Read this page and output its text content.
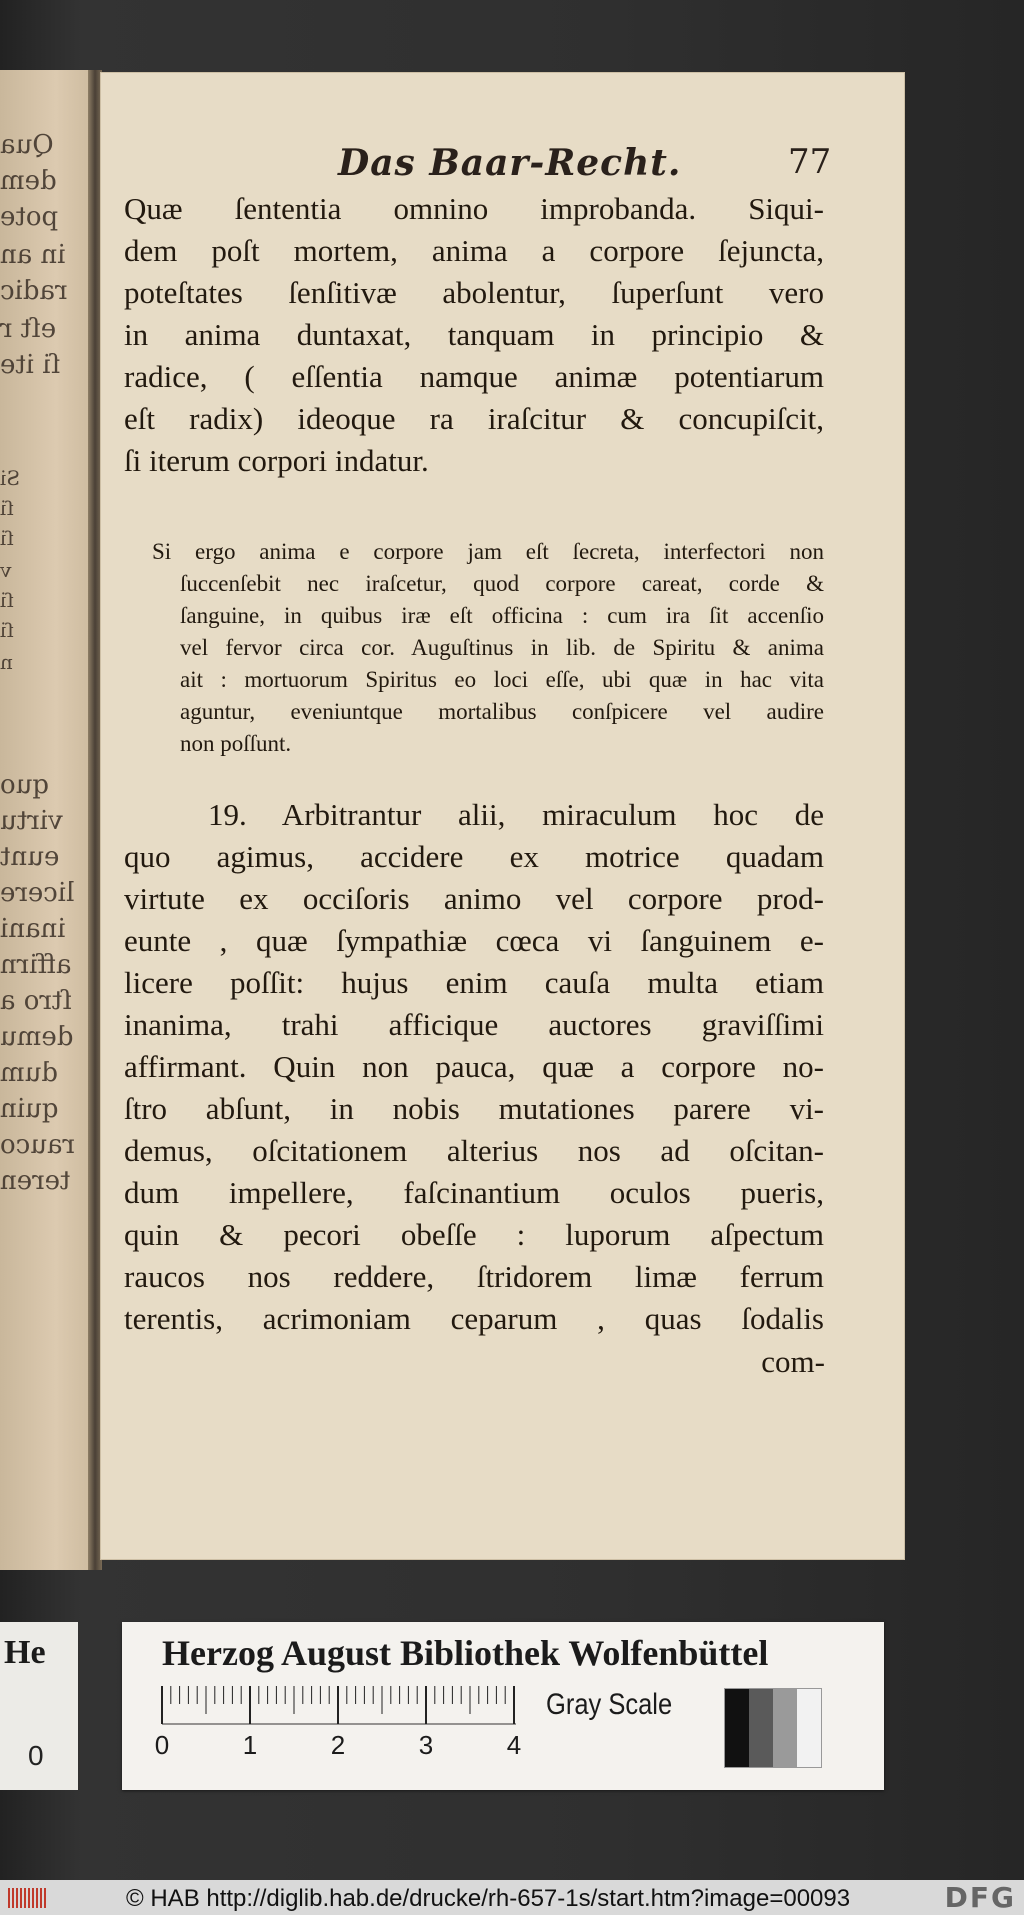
Qua
dem
pote
in an
radic
eſt r
ſi ite
Si
ſi
ſi
v
ſi
ſi
n
quo
virtu
eunt
licere
inani
affirn
ſtro a
demu
dum
quin
rauco
teren
Das Baar-Recht.	77
Quæ ſententia omnino improbanda. Siqui-
dem poſt mortem, anima a corpore ſejuncta,
poteſtates ſenſitivæ abolentur, ſuperſunt vero
in anima duntaxat, tanquam in principio &
radice, ( eſſentia namque animæ potentiarum
eſt radix) ideoque ra iraſcitur & concupiſcit,
ſi iterum corpori indatur.
Si ergo anima e corpore jam eſt ſecreta, interfectori non
ſuccenſebit nec iraſcetur, quod corpore careat, corde &
ſanguine, in quibus iræ eſt officina : cum ira ſit accenſio
vel fervor circa cor. Auguſtinus in lib. de Spiritu & anima
ait : mortuorum Spiritus eo loci eſſe, ubi quæ in hac vita
aguntur, eveniuntque mortalibus conſpicere vel audire
non poſſunt.
19. Arbitrantur alii, miraculum hoc de
quo agimus, accidere ex motrice quadam
virtute ex occiſoris animo vel corpore prod-
eunte , quæ ſympathiæ cœca vi ſanguinem e-
licere poſſit: hujus enim cauſa multa etiam
inanima, trahi afficique auctores graviſſimi
affirmant. Quin non pauca, quæ a corpore no-
ſtro abſunt, in nobis mutationes parere vi-
demus, oſcitationem alterius nos ad oſcitan-
dum impellere, faſcinantium oculos pueris,
quin & pecori obeſſe : luporum aſpectum
raucos nos reddere, ſtridorem limæ ferrum
terentis, acrimoniam ceparum , quas ſodalis
com-
He
0
Herzog August Bibliothek Wolfenbüttel
0	1	2	3	4
Gray Scale
© HAB http://diglib.hab.de/drucke/rh-657-1s/start.htm?image=00093	DFG
